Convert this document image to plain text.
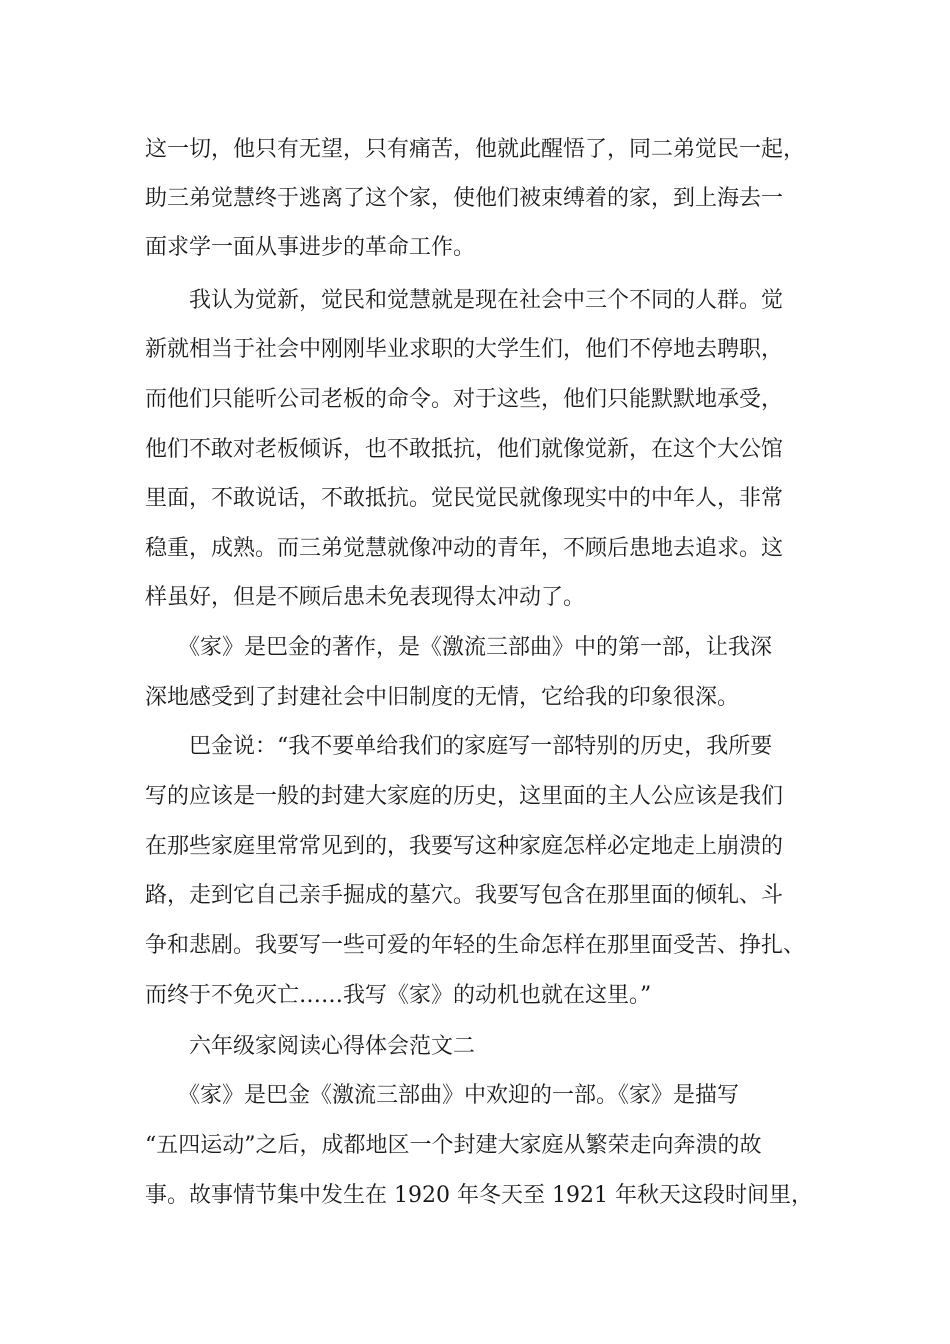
这一切，他只有无望，只有痛苦，他就此醒悟了，同二弟觉民一起，
助三弟觉慧终于逃离了这个家，使他们被束缚着的家，到上海去一
面求学一面从事进步的革命工作。
　　我认为觉新，觉民和觉慧就是现在社会中三个不同的人群。觉
新就相当于社会中刚刚毕业求职的大学生们，他们不停地去聘职，
而他们只能听公司老板的命令。对于这些，他们只能默默地承受，
他们不敢对老板倾诉，也不敢抵抗，他们就像觉新，在这个大公馆
里面，不敢说话，不敢抵抗。觉民觉民就像现实中的中年人，非常
稳重，成熟。而三弟觉慧就像冲动的青年，不顾后患地去追求。这
样虽好，但是不顾后患未免表现得太冲动了。
　　《家》是巴金的著作，是《激流三部曲》中的第一部，让我深
深地感受到了封建社会中旧制度的无情，它给我的印象很深。
　　巴金说：“我不要单给我们的家庭写一部特别的历史，我所要
写的应该是一般的封建大家庭的历史，这里面的主人公应该是我们
在那些家庭里常常见到的，我要写这种家庭怎样必定地走上崩溃的
路，走到它自己亲手掘成的墓穴。我要写包含在那里面的倾轧、斗
争和悲剧。我要写一些可爱的年轻的生命怎样在那里面受苦、挣扎、
而终于不免灭亡……我写《家》的动机也就在这里。”
　　六年级家阅读心得体会范文二
　　《家》是巴金《激流三部曲》中欢迎的一部。《家》是描写
“五四运动”之后，成都地区一个封建大家庭从繁荣走向奔溃的故
事。故事情节集中发生在 1920 年冬天至 1921 年秋天这段时间里，
